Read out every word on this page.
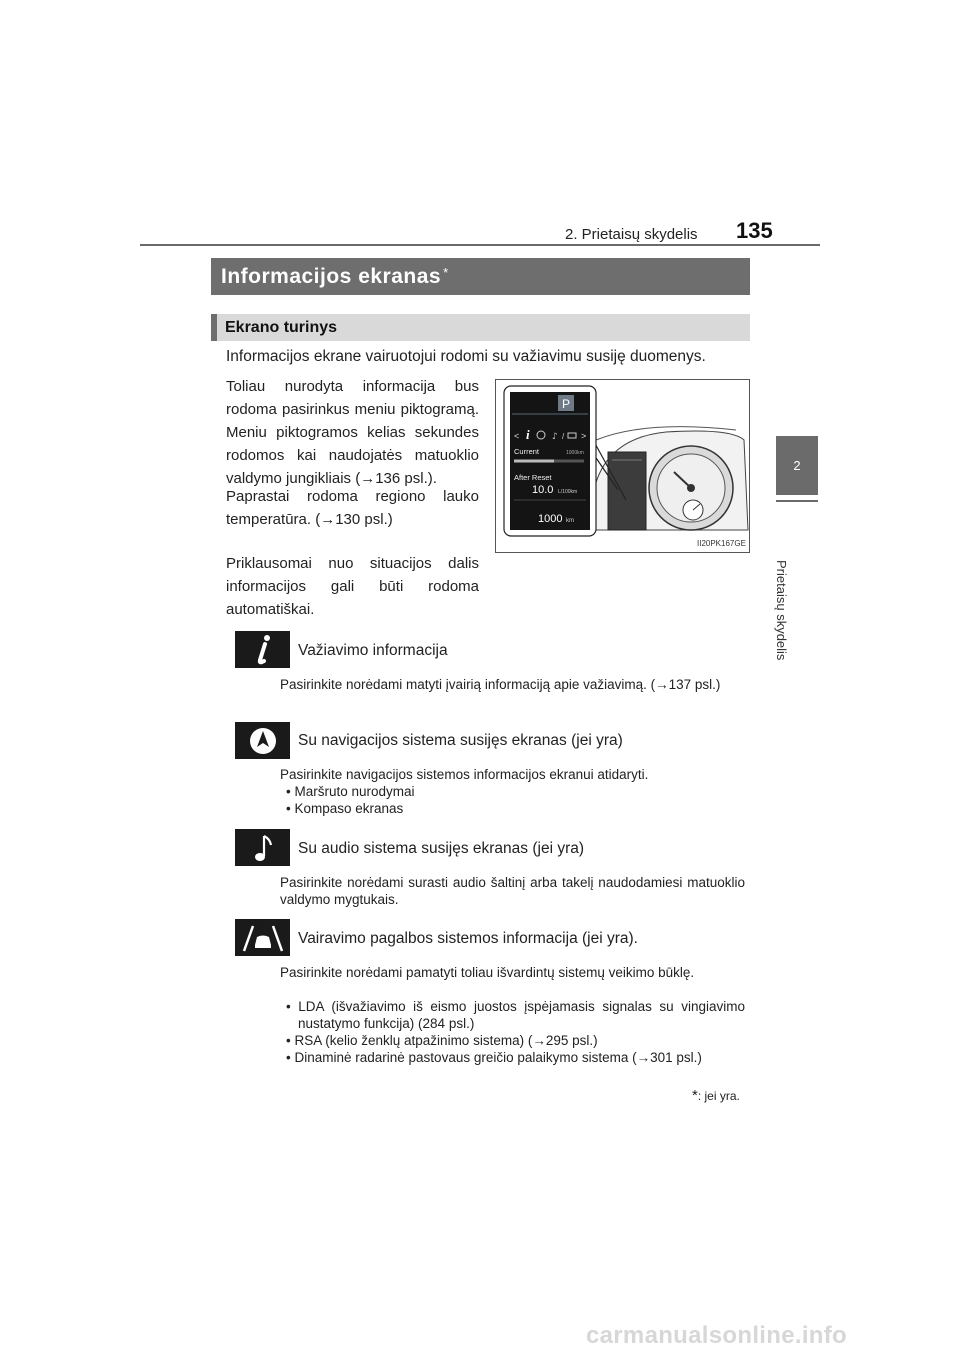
2. Prietaisų skydelis 135
2
Prietaisų skydelis
Informacijos ekranas*
Ekrano turinys
Informacijos ekrane vairuotojui rodomi su važiavimu susiję duomenys.
Toliau nurodyta informacija bus rodoma pasirinkus meniu piktogramą. Meniu piktogramos kelias sekundes rodomos kai naudojatės matuoklio valdymo jungikliais (→136 psl.).
Paprastai rodoma regiono lauko temperatūra. (→130 psl.)
Priklausomai nuo situacijos dalis informacijos gali būti rodoma automatiškai.
P
< i ♪ / >
Current	1000km
After Reset
10.0 L/100km
1000 km
II20PK167GE
Važiavimo informacija
Pasirinkite norėdami matyti įvairią informaciją apie važiavimą. (→137 psl.)
Su navigacijos sistema susijęs ekranas (jei yra)
Pasirinkite navigacijos sistemos informacijos ekranui atidaryti.
• Maršruto nurodymai
• Kompaso ekranas
Su audio sistema susijęs ekranas (jei yra)
Pasirinkite norėdami surasti audio šaltinį arba takelį naudodamiesi matuoklio valdymo mygtukais.
Vairavimo pagalbos sistemos informacija (jei yra).
Pasirinkite norėdami pamatyti toliau išvardintų sistemų veikimo būklę.
• LDA (išvažiavimo iš eismo juostos įspėjamasis signalas su vingiavimo nustatymo funkcija) (284 psl.)
• RSA (kelio ženklų atpažinimo sistema) (→295 psl.)
• Dinaminė radarinė pastovaus greičio palaikymo sistema (→301 psl.)
*: jei yra.
carmanualsonline.info
